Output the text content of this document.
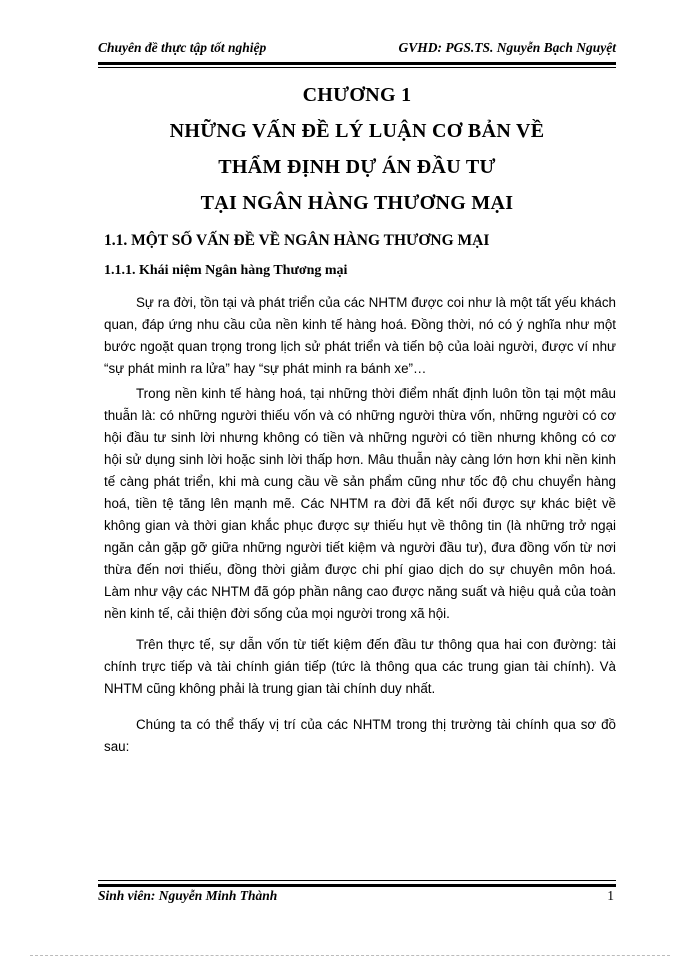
Chuyên đề thực tập tốt nghiệp	GVHD: PGS.TS. Nguyễn Bạch Nguyệt
CHƯƠNG 1
NHỮNG VẤN ĐỀ LÝ LUẬN CƠ BẢN VỀ
THẨM ĐỊNH DỰ ÁN ĐẦU TƯ
TẠI NGÂN HÀNG THƯƠNG MẠI
1.1. MỘT SỐ VẤN ĐỀ VỀ NGÂN HÀNG THƯƠNG MẠI
1.1.1. Khái niệm Ngân hàng Thương mại
Sự ra đời, tồn tại và phát triển của các NHTM được coi như là một tất yếu khách quan, đáp ứng nhu cầu của nền kinh tế hàng hoá. Đồng thời, nó có ý nghĩa như một bước ngoặt quan trọng trong lịch sử phát triển và tiến bộ của loài người, được ví như “sự phát minh ra lửa” hay “sự phát minh ra bánh xe”…
Trong nền kinh tế hàng hoá, tại những thời điểm nhất định luôn tồn tại một mâu thuẫn là: có những người thiếu vốn và có những người thừa vốn, những người có cơ hội đầu tư sinh lời nhưng không có tiền và những người có tiền nhưng không có cơ hội sử dụng sinh lời hoặc sinh lời thấp hơn. Mâu thuẫn này càng lớn hơn khi nền kinh tế càng phát triển, khi mà cung cầu về sản phẩm cũng như tốc độ chu chuyển hàng hoá, tiền tệ tăng lên mạnh mẽ. Các NHTM ra đời đã kết nối được sự khác biệt về không gian và thời gian khắc phục được sự thiếu hụt về thông tin (là những trở ngại ngăn cản gặp gỡ giữa những người tiết kiệm và người đầu tư), đưa đồng vốn từ nơi thừa đến nơi thiếu, đồng thời giảm được chi phí giao dịch do sự chuyên môn hoá. Làm như vậy các NHTM đã góp phần nâng cao được năng suất và hiệu quả của toàn nền kinh tế, cải thiện đời sống của mọi người trong xã hội.
Trên thực tế, sự dẫn vốn từ tiết kiệm đến đầu tư thông qua hai con đường: tài chính trực tiếp và tài chính gián tiếp (tức là thông qua các trung gian tài chính). Và NHTM cũng không phải là trung gian tài chính duy nhất.
Chúng ta có thể thấy vị trí của các NHTM trong thị trường tài chính qua sơ đồ sau:
Sinh viên: Nguyễn Minh Thành	1
